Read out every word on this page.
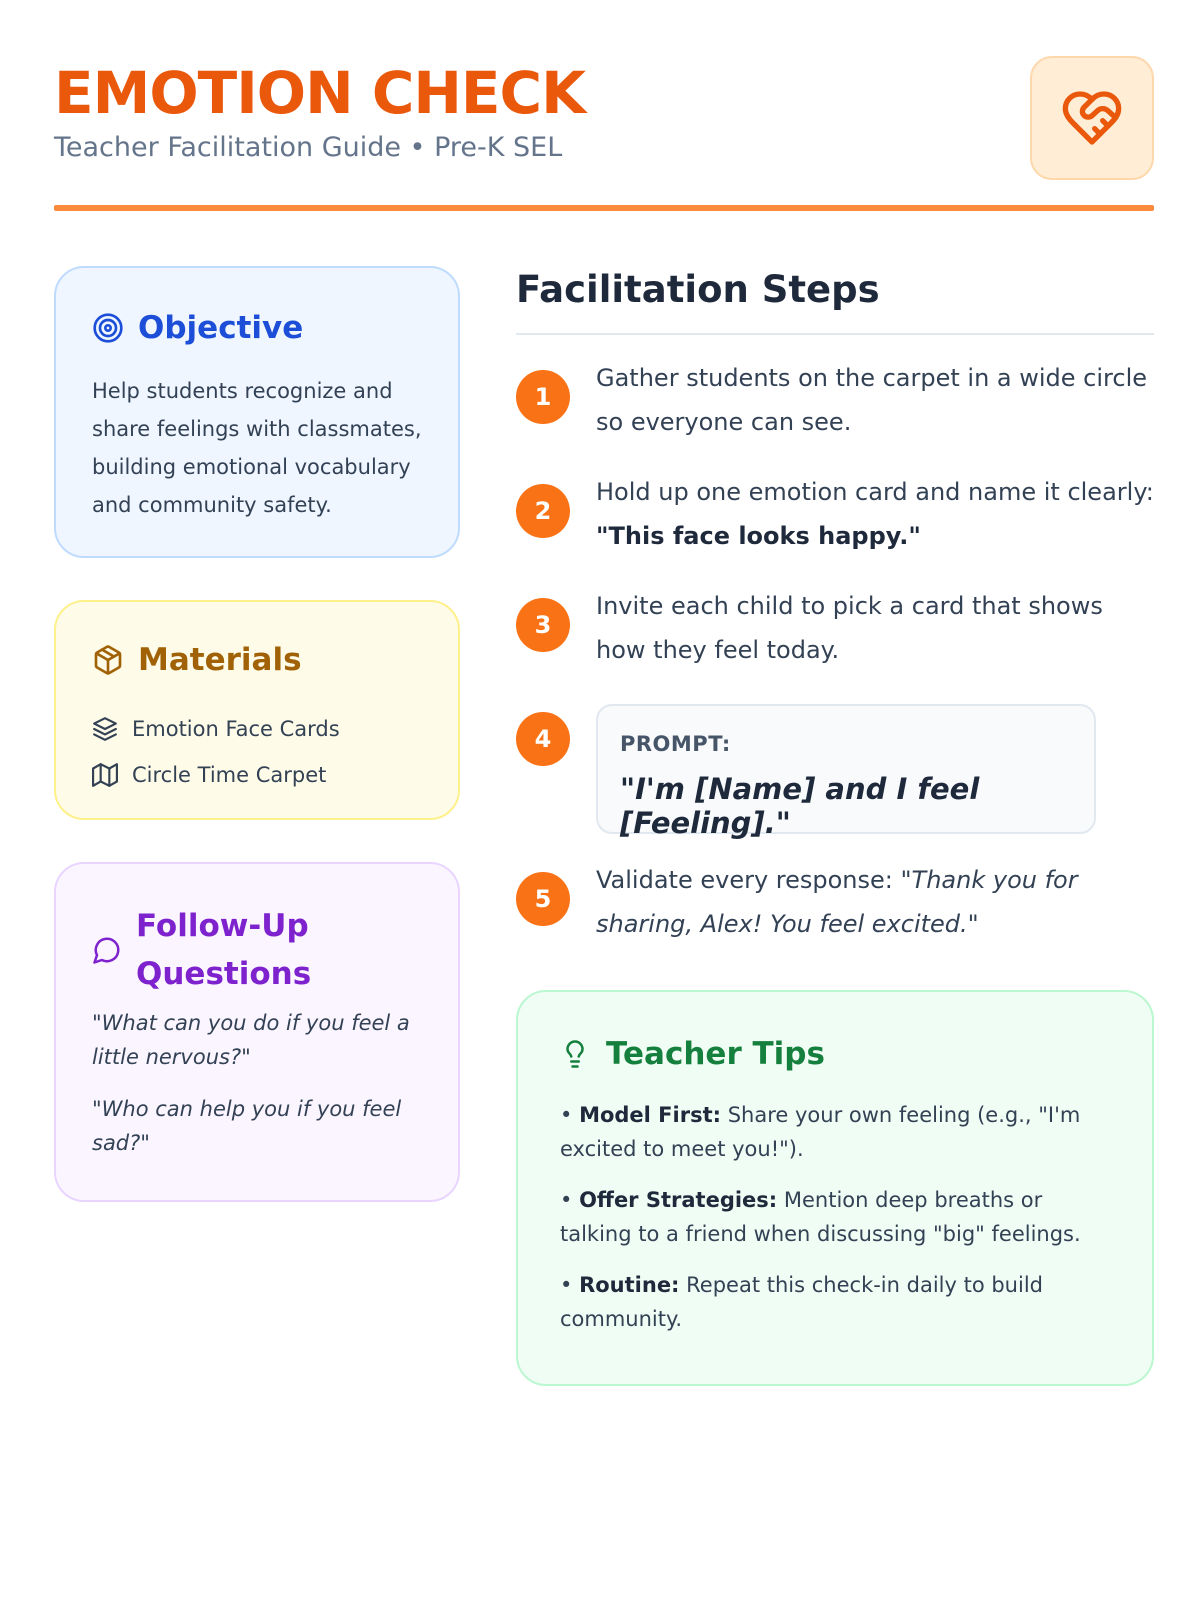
EMOTION CHECK
Teacher Facilitation Guide • Pre-K SEL
Objective
Help students recognize and share feelings with classmates, building emotional vocabulary and community safety.
Materials
Emotion Face Cards
Circle Time Carpet
Follow-Up Questions
"What can you do if you feel a little nervous?"
"Who can help you if you feel sad?"
Facilitation Steps
1
Gather students on the carpet in a wide circle so everyone can see.
2
Hold up one emotion card and name it clearly:
"This face looks happy."
3
Invite each child to pick a card that shows how they feel today.
4	PROMPT:
"I'm [Name] and I feel [Feeling]."
5
Validate every response: "Thank you for sharing, Alex! You feel excited."
Teacher Tips
• Model First: Share your own feeling (e.g., "I'm excited to meet you!").
• Offer Strategies: Mention deep breaths or talking to a friend when discussing "big" feelings.
• Routine: Repeat this check-in daily to build community.
